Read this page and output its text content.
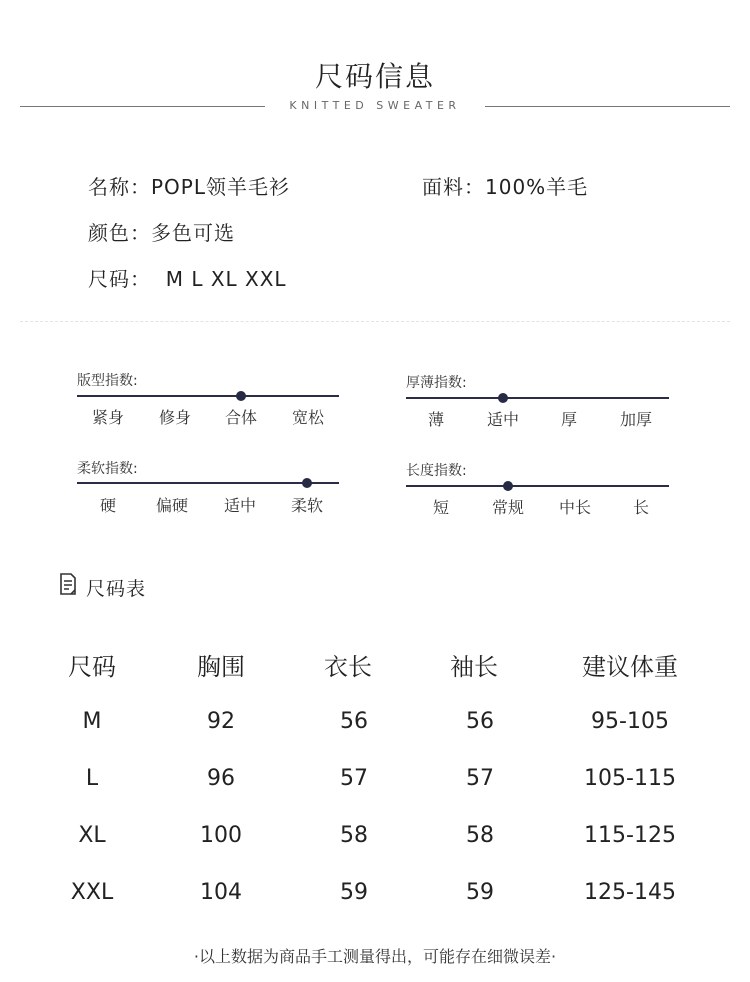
尺码信息
KNITTED SWEATER
名称：POPL领羊毛衫	面料：100%羊毛
颜色：多色可选
尺码：  M L XL XXL
版型指数:
紧身	修身	合体	宽松
厚薄指数:
薄	适中	厚	加厚
柔软指数:
硬	偏硬	适中	柔软
长度指数:
短	常规	中长	长
尺码表
尺码	胸围	衣长	袖长	建议体重
M	92	56	56	95-105
L	96	57	57	105-115
XL	100	58	58	115-125
XXL	104	59	59	125-145
·以上数据为商品手工测量得出，可能存在细微误差·
